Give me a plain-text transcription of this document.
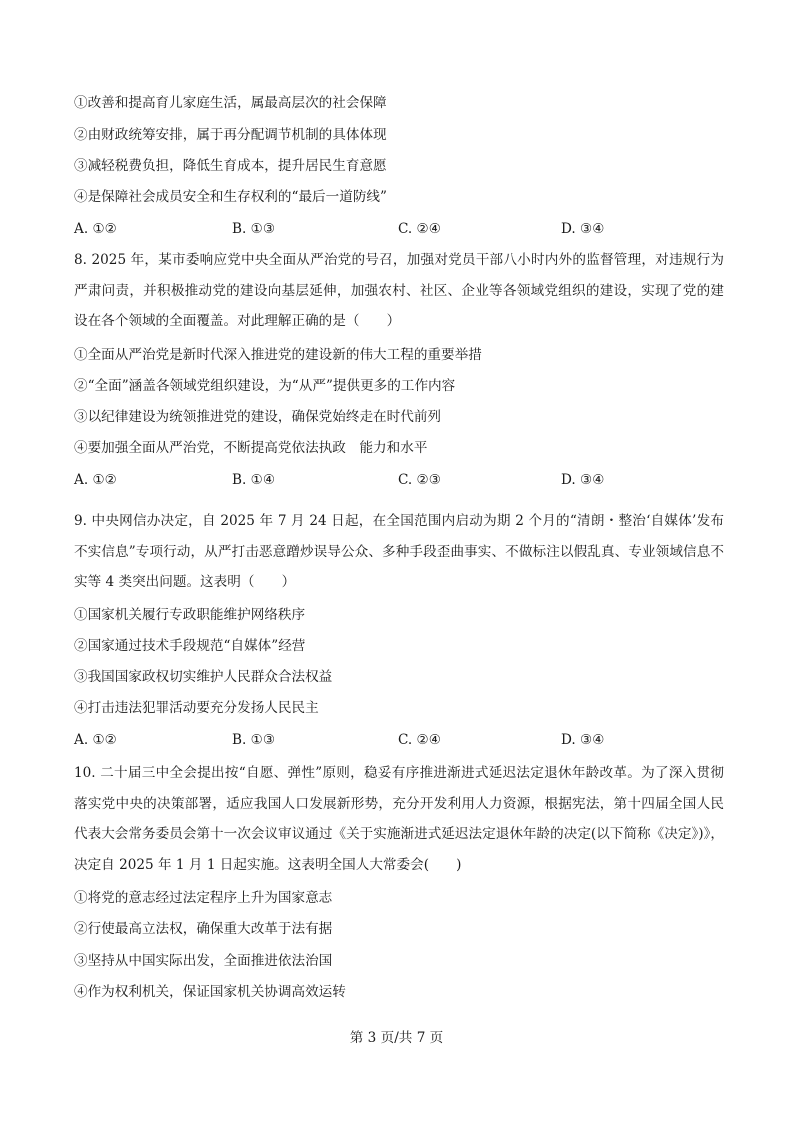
①改善和提高育儿家庭生活，属最高层次的社会保障
②由财政统筹安排，属于再分配调节机制的具体体现
③减轻税费负担，降低生育成本，提升居民生育意愿
④是保障社会成员安全和生存权利的“最后一道防线”
A. ①②	B. ①③	C. ②④	D. ③④
8. 2025 年，某市委响应党中央全面从严治党的号召，加强对党员干部八小时内外的监督管理，对违规行为严肃问责，并积极推动党的建设向基层延伸，加强农村、社区、企业等各领域党组织的建设，实现了党的建设在各个领域的全面覆盖。对此理解正确的是（　　）
①全面从严治党是新时代深入推进党的建设新的伟大工程的重要举措
②“全面”涵盖各领域党组织建设，为“从严”提供更多的工作内容
③以纪律建设为统领推进党的建设，确保党始终走在时代前列
④要加强全面从严治党，不断提高党依法执政　能力和水平
A. ①②	B. ①④	C. ②③	D. ③④
9. 中央网信办决定，自 2025 年 7 月 24 日起，在全国范围内启动为期 2 个月的“清朗・整治‘自媒体’发布不实信息”专项行动，从严打击恶意蹭炒误导公众、多种手段歪曲事实、不做标注以假乱真、专业领域信息不实等 4 类突出问题。这表明（　　）
①国家机关履行专政职能维护网络秩序
②国家通过技术手段规范“自媒体”经营
③我国国家政权切实维护人民群众合法权益
④打击违法犯罪活动要充分发扬人民民主
A. ①②	B. ①③	C. ②④	D. ③④
10. 二十届三中全会提出按“自愿、弹性”原则，稳妥有序推进渐进式延迟法定退休年龄改革。为了深入贯彻落实党中央的决策部署，适应我国人口发展新形势，充分开发利用人力资源，根据宪法，第十四届全国人民代表大会常务委员会第十一次会议审议通过《关于实施渐进式延迟法定退休年龄的决定(以下简称《决定》)》，决定自 2025 年 1 月 1 日起实施。这表明全国人大常委会(　　)
①将党的意志经过法定程序上升为国家意志
②行使最高立法权，确保重大改革于法有据
③坚持从中国实际出发，全面推进依法治国
④作为权利机关，保证国家机关协调高效运转
第 3 页/共 7 页
